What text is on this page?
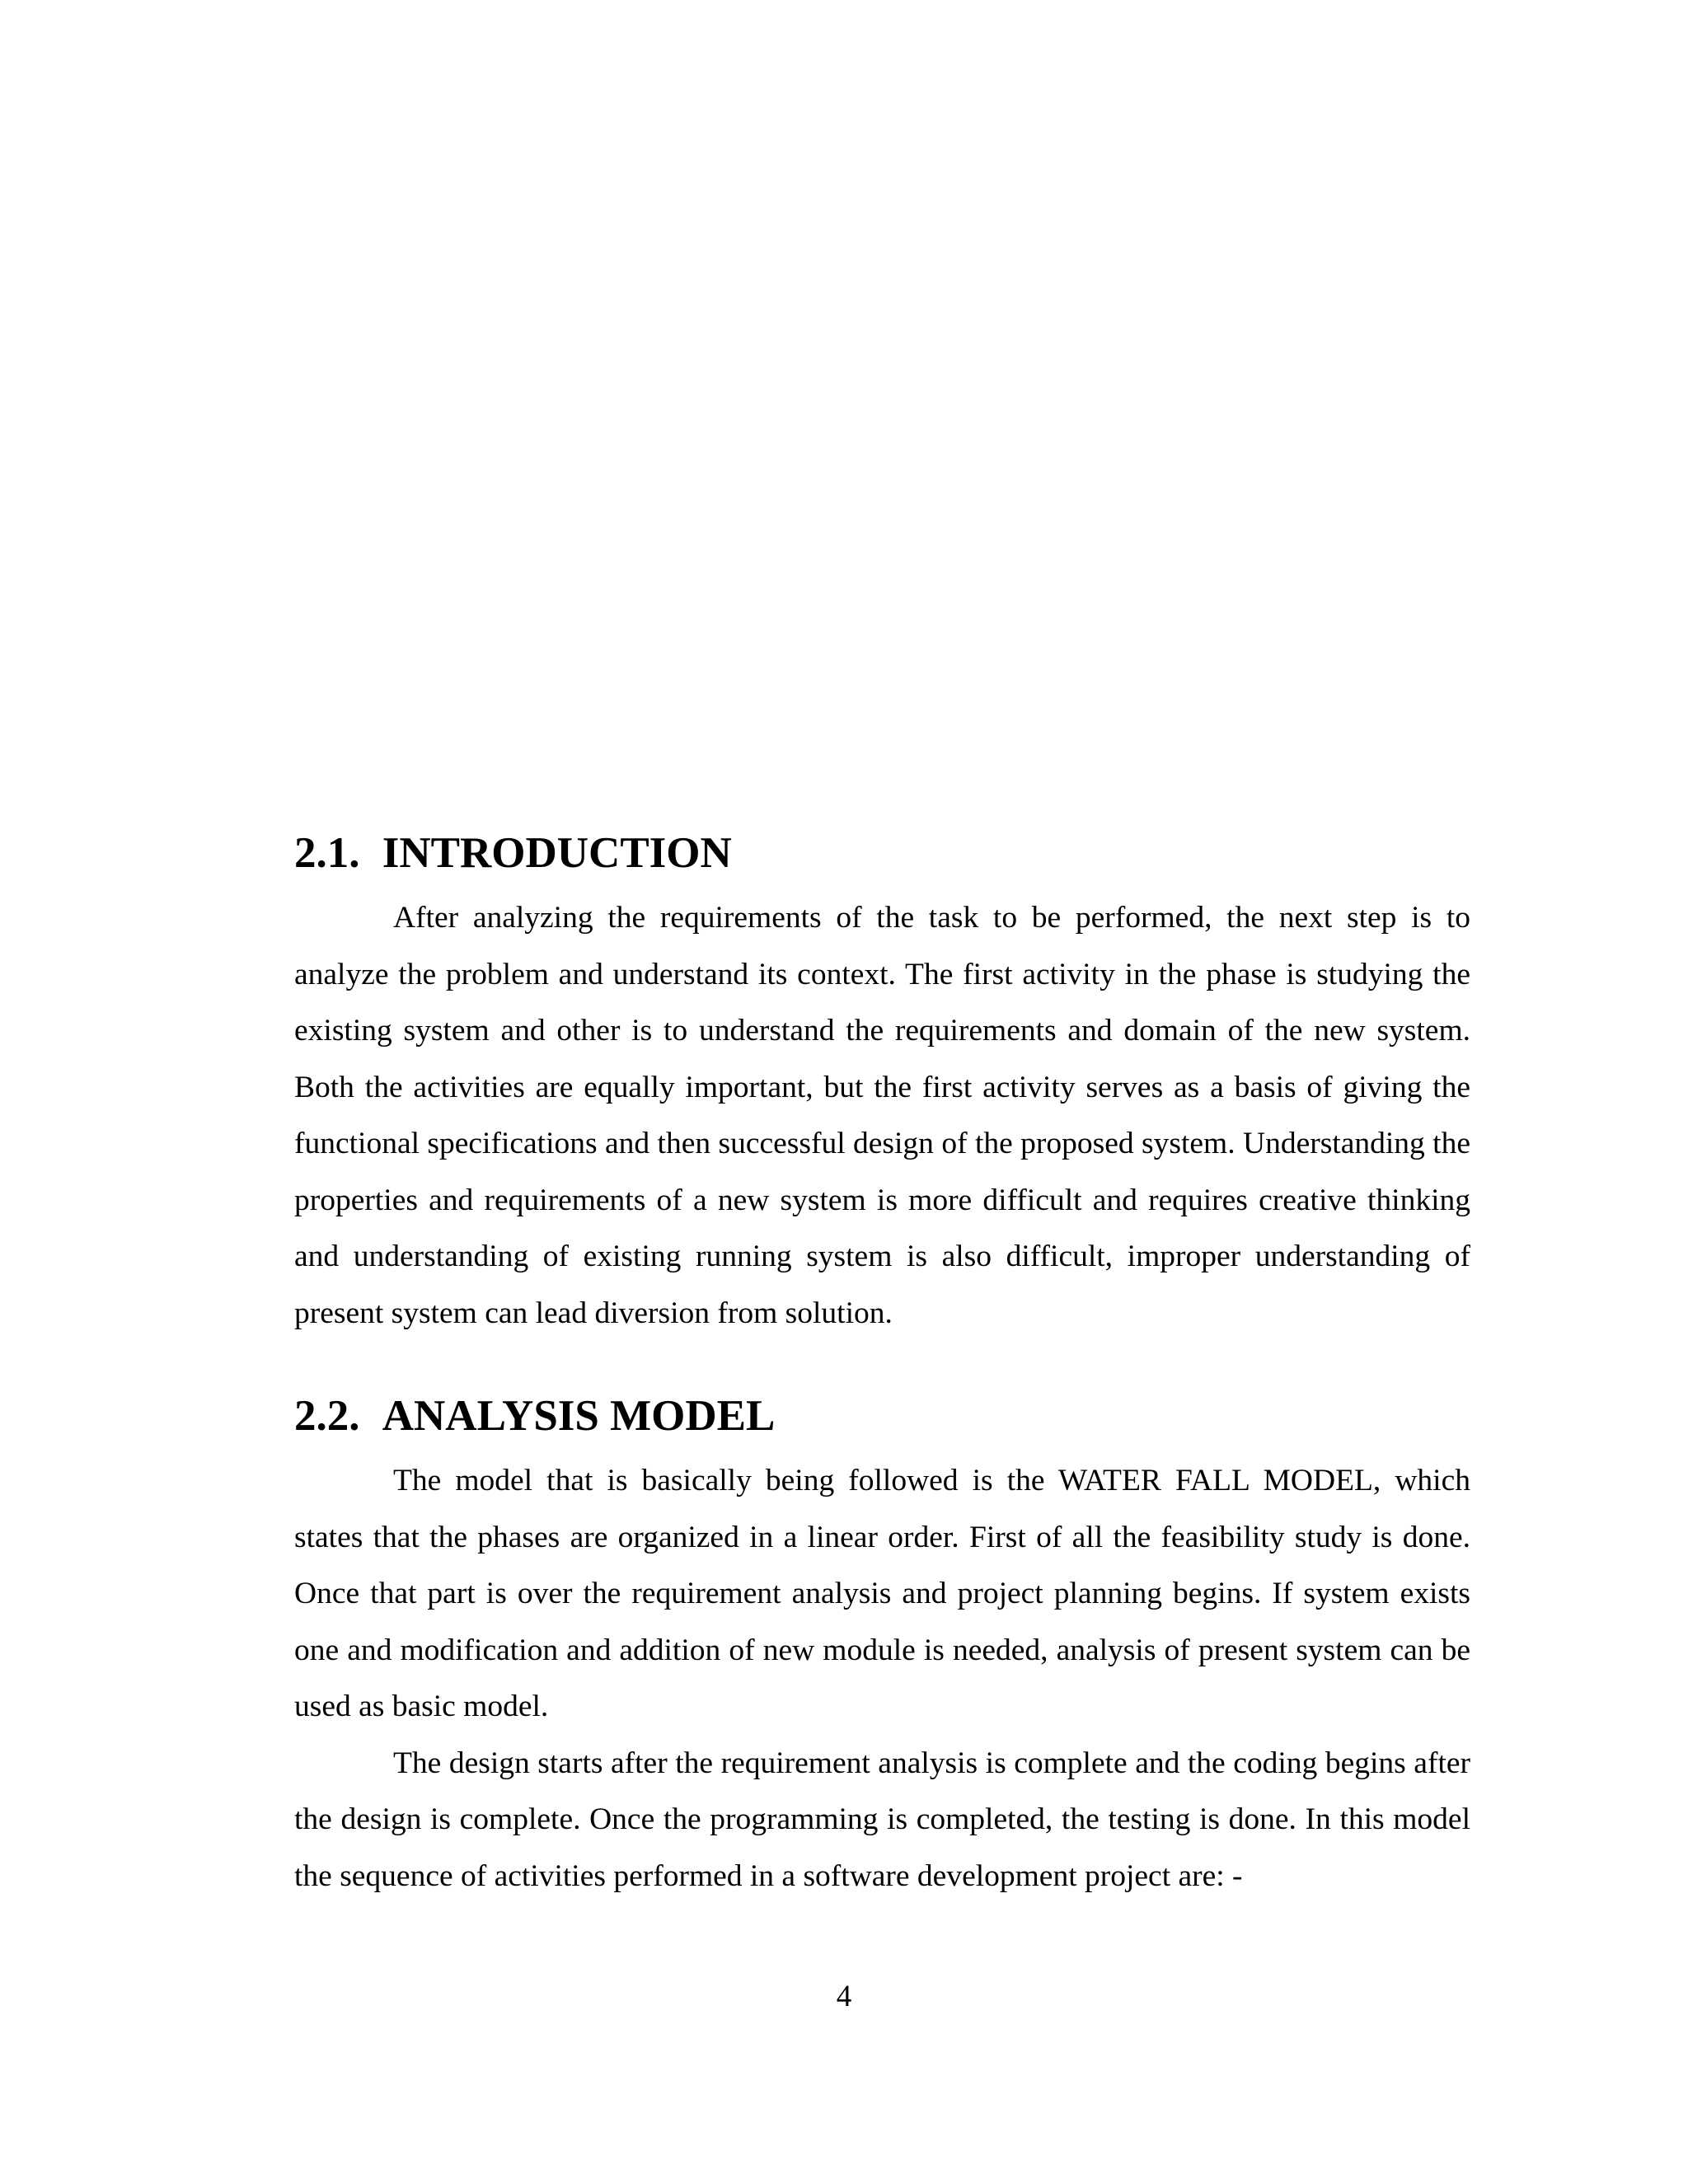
2.1. INTRODUCTION

After analyzing the requirements of the task to be performed, the next step is to analyze the problem and understand its context. The first activity in the phase is studying the existing system and other is to understand the requirements and domain of the new system. Both the activities are equally important, but the first activity serves as a basis of giving the functional specifications and then successful design of the proposed system. Understanding the properties and requirements of a new system is more difficult and requires creative thinking and understanding of existing running system is also difficult, improper understanding of present system can lead diversion from solution.

2.2. ANALYSIS MODEL

The model that is basically being followed is the WATER FALL MODEL, which states that the phases are organized in a linear order. First of all the feasibility study is done. Once that part is over the requirement analysis and project planning begins. If system exists one and modification and addition of new module is needed, analysis of present system can be used as basic model.

The design starts after the requirement analysis is complete and the coding begins after the design is complete. Once the programming is completed, the testing is done. In this model the sequence of activities performed in a software development project are: -

4
